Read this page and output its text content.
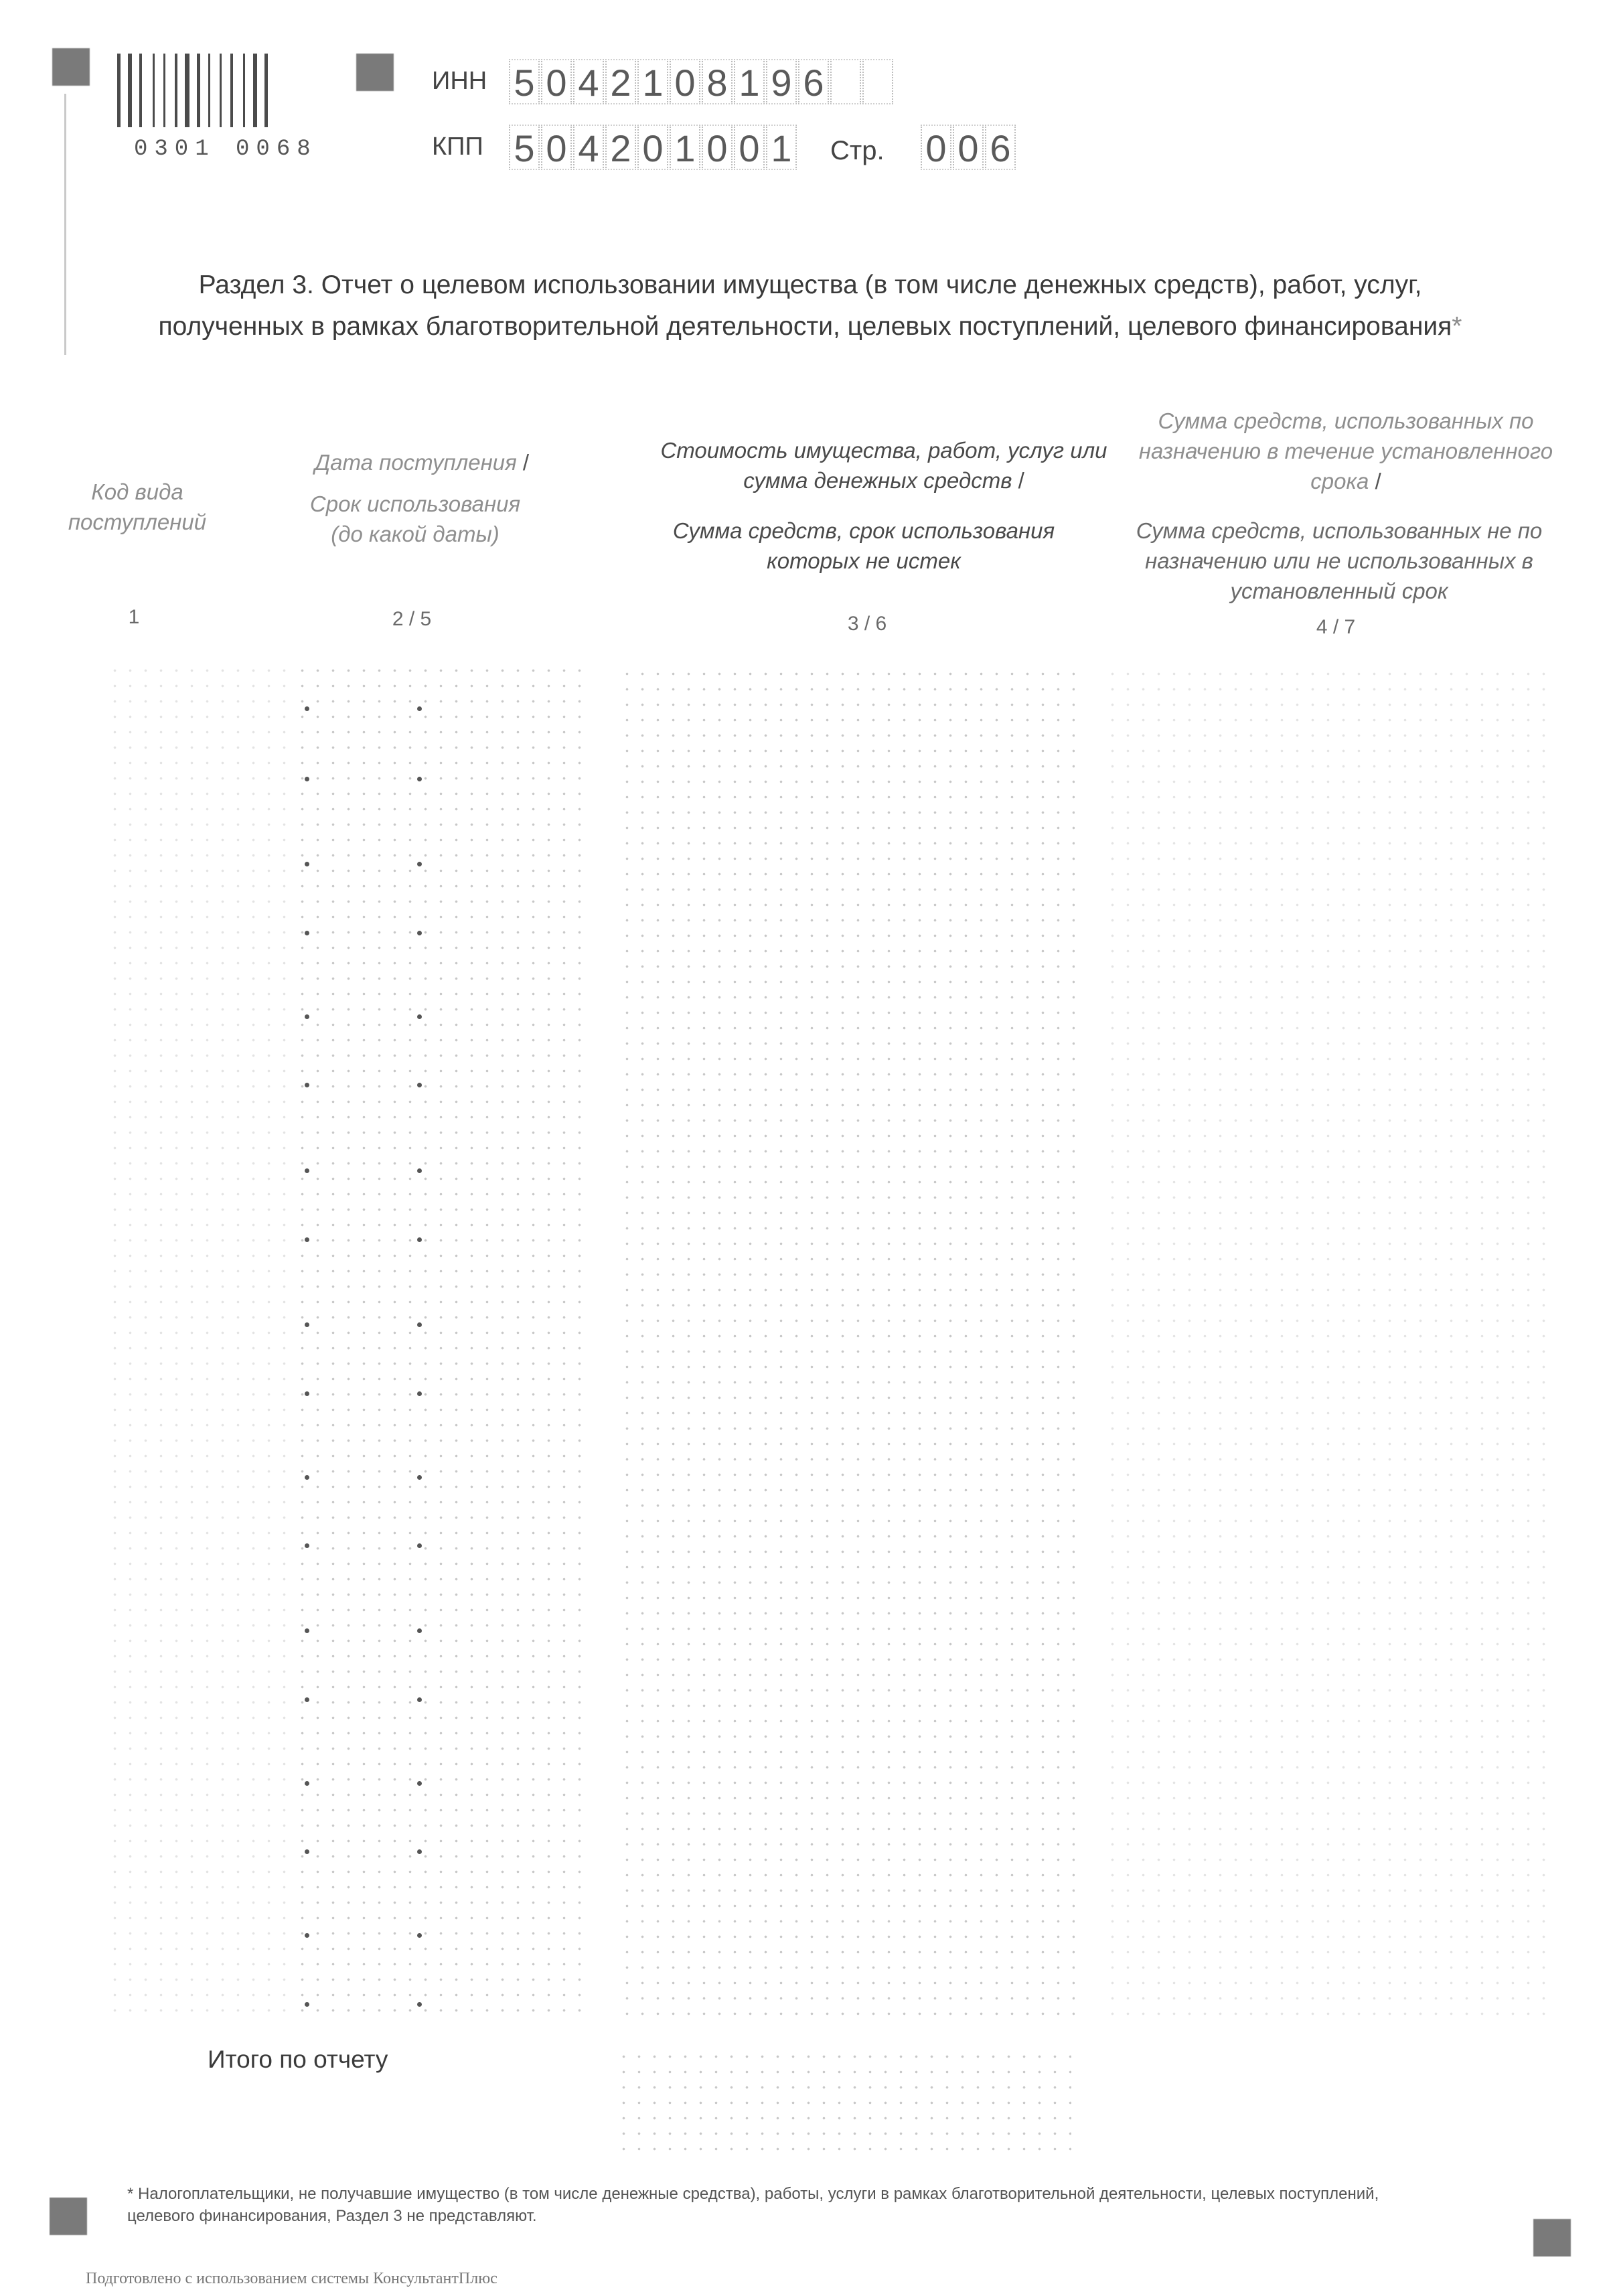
0301 0068
ИНН 5 0 4 2 1 0 8 1 9 6
КПП 5 0 4 2 0 1 0 0 1 Стр. 0 0 6
Раздел 3. Отчет о целевом использовании имущества (в том числе денежных средств), работ, услуг,
полученных в рамках благотворительной деятельности, целевых поступлений, целевого финансирования*
Код вида поступлений
1
Дата поступления /
Срок использования (до какой даты)
2 / 5
Стоимость имущества, работ, услуг или сумма денежных средств /
Сумма средств, срок использования которых не истек
3 / 6
Сумма средств, использованных по назначению в течение установленного срока /
Сумма средств, использованных не по назначению или не использованных в установленный срок
4 / 7
Итого по отчету
* Налогоплательщики, не получавшие имущество (в том числе денежные средства), работы, услуги в рамках благотворительной деятельности, целевых поступлений, целевого финансирования, Раздел 3 не представляют.
Подготовлено с использованием системы КонсультантПлюс
